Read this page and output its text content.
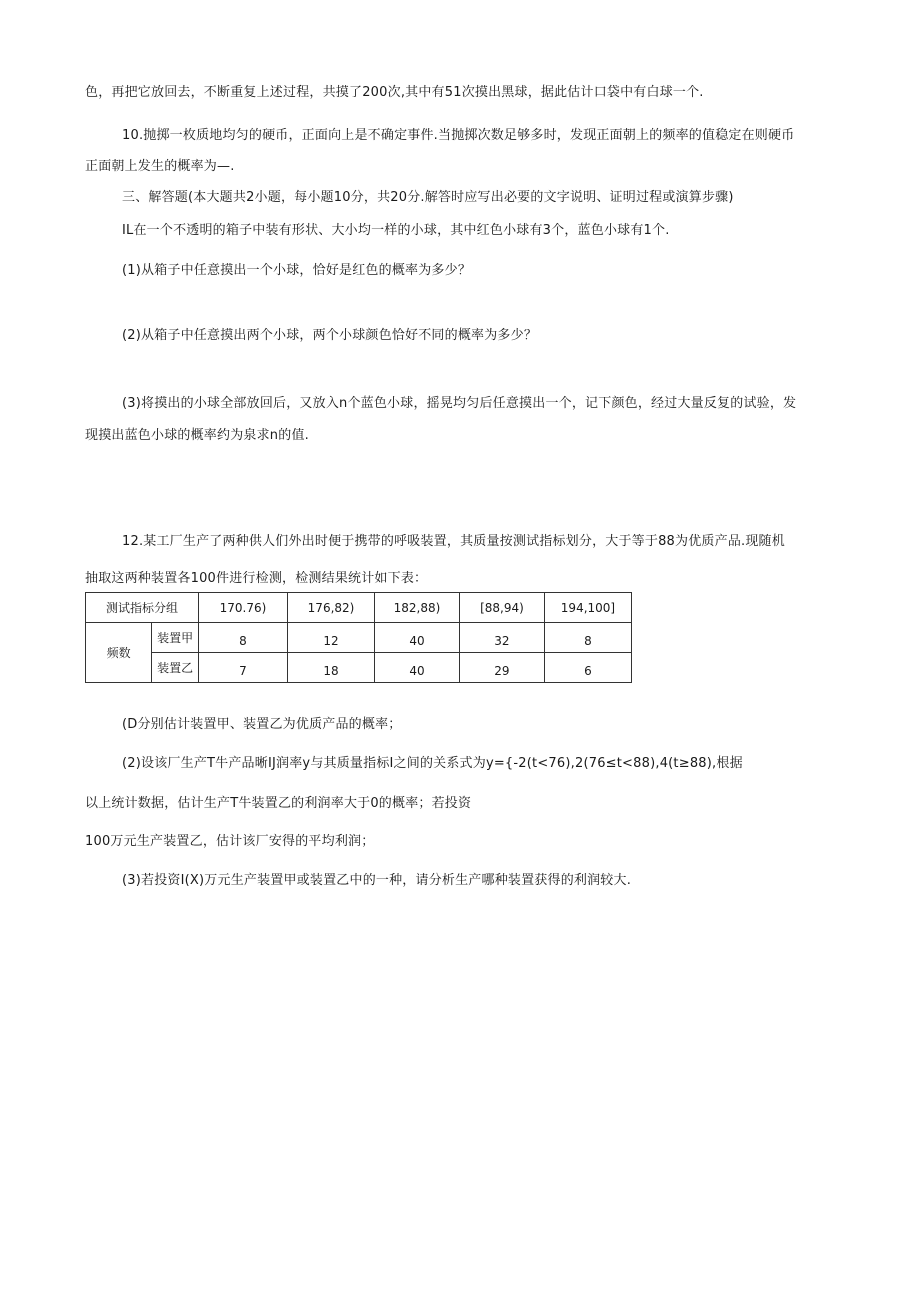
色，再把它放回去，不断重复上述过程，共摸了200次,其中有51次摸出黑球，据此估计口袋中有白球一个.
10.抛掷一枚质地均匀的硬币，正面向上是不确定事件.当抛掷次数足够多时，发现正面朝上的频率的值稳定在则硬币
正面朝上发生的概率为—.
三、解答题(本大题共2小题，每小题10分，共20分.解答时应写出必要的文字说明、证明过程或演算步骤)
IL在一个不透明的箱子中装有形状、大小均一样的小球，其中红色小球有3个，蓝色小球有1个.
(1)从箱子中任意摸出一个小球，恰好是红色的概率为多少？
(2)从箱子中任意摸出两个小球，两个小球颜色恰好不同的概率为多少？
(3)将摸出的小球全部放回后，又放入n个蓝色小球，摇晃均匀后任意摸出一个，记下颜色，经过大量反复的试验，发
现摸出蓝色小球的概率约为泉求n的值.
12.某工厂生产了两种供人们外出时便于携带的呼吸装置，其质量按测试指标划分，大于等于88为优质产品.现随机
抽取这两种装置各100件进行检测，检测结果统计如下表：
测试指标分组		170.76)	176,82)	182,88)	[88,94)	194,100]
频数	装置甲	8	12	40	32	8
	装置乙	7	18	40	29	6
(D分别估计装置甲、装置乙为优质产品的概率；
(2)设该厂生产T牛产品晰IJ润率y与其质量指标I之间的关系式为y={-2(t<76),2(76≤t<88),4(t≥88),根据
以上统计数据，估计生产T牛装置乙的利润率大于0的概率；若投资
100万元生产装置乙，估计该厂安得的平均利润；
(3)若投资I(X)万元生产装置甲或装置乙中的一种，请分析生产哪种装置获得的利润较大.
